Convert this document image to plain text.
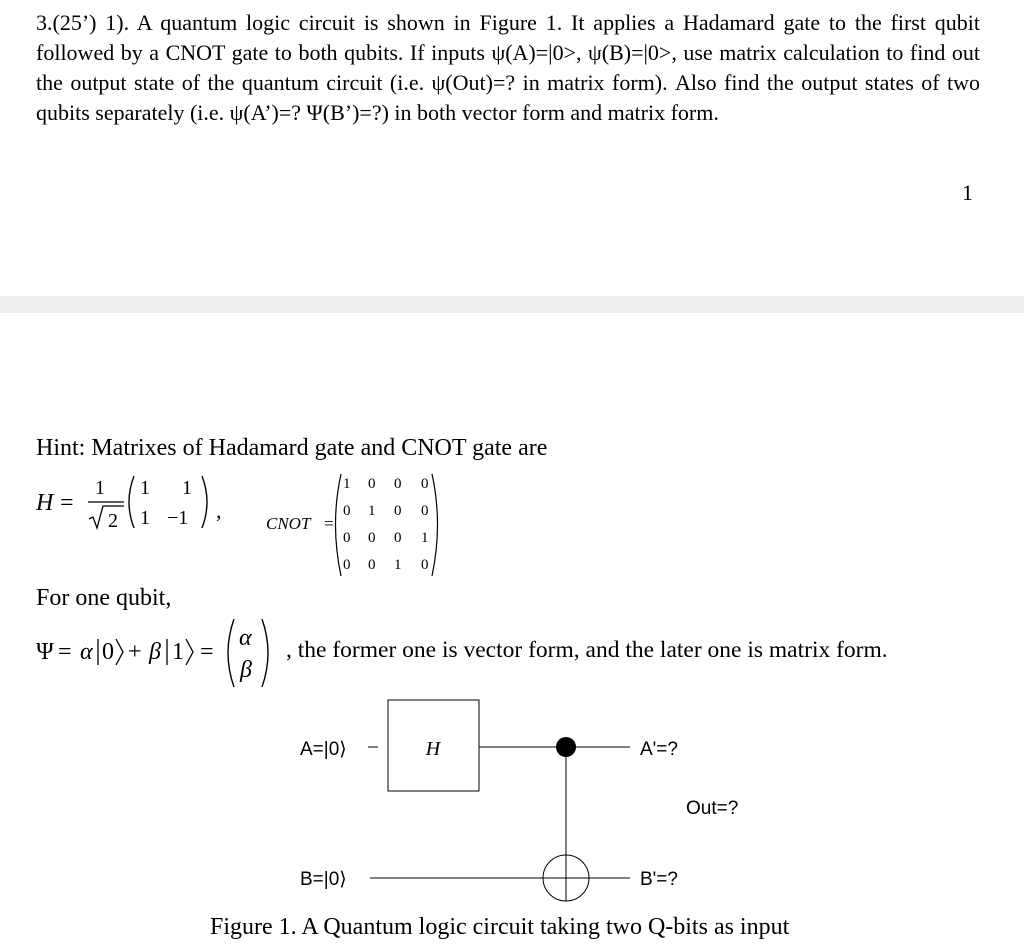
3.(25’) 1). A quantum logic circuit is shown in Figure 1. It applies a Hadamard gate to the first qubit followed by a CNOT gate to both qubits. If inputs ψ(A)=|0>, ψ(B)=|0>, use matrix calculation to find out the output state of the quantum circuit (i.e. ψ(Out)=? in matrix form). Also find the output states of two qubits separately (i.e. ψ(A’)=? Ψ(B’)=?) in both vector form and matrix form.
1
Hint: Matrixes of Hadamard gate and CNOT gate are
H =
1
2
1 1
1 −1 ,
CNOT =
1 0 0 0
0 1 0 0
0 0 0 1
0 0 1 0
For one qubit,
Ψ = α 0 + β 1 =
α
β
, the former one is vector form, and the later one is matrix form.
A=|0⟩	H	A'=?
Out=?
B=|0⟩	B'=?
Figure 1. A Quantum logic circuit taking two Q-bits as input
